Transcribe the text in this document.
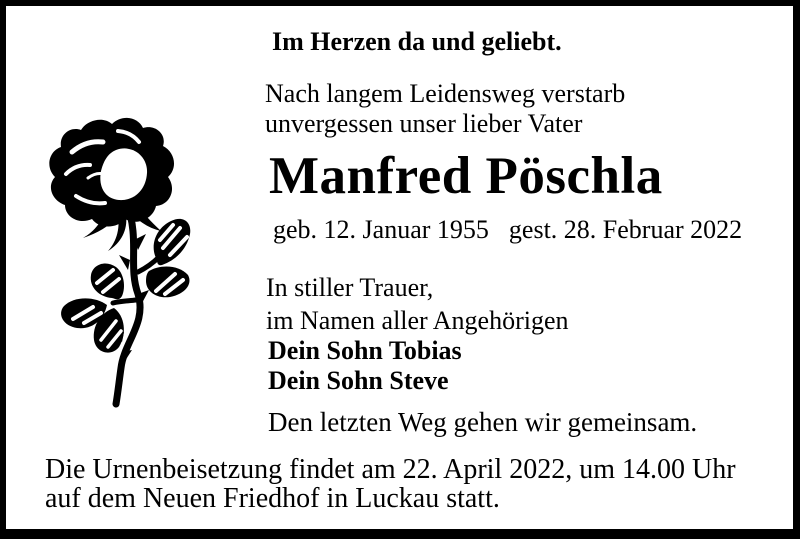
Im Herzen da und geliebt.
Nach langem Leidensweg verstarb
unvergessen unser lieber Vater
Manfred Pöschla
geb. 12. Januar 1955 gest. 28. Februar 2022
In stiller Trauer,
im Namen aller Angehörigen
Dein Sohn Tobias
Dein Sohn Steve
Den letzten Weg gehen wir gemeinsam.
Die Urnenbeisetzung findet am 22. April 2022, um 14.00 Uhr
auf dem Neuen Friedhof in Luckau statt.
